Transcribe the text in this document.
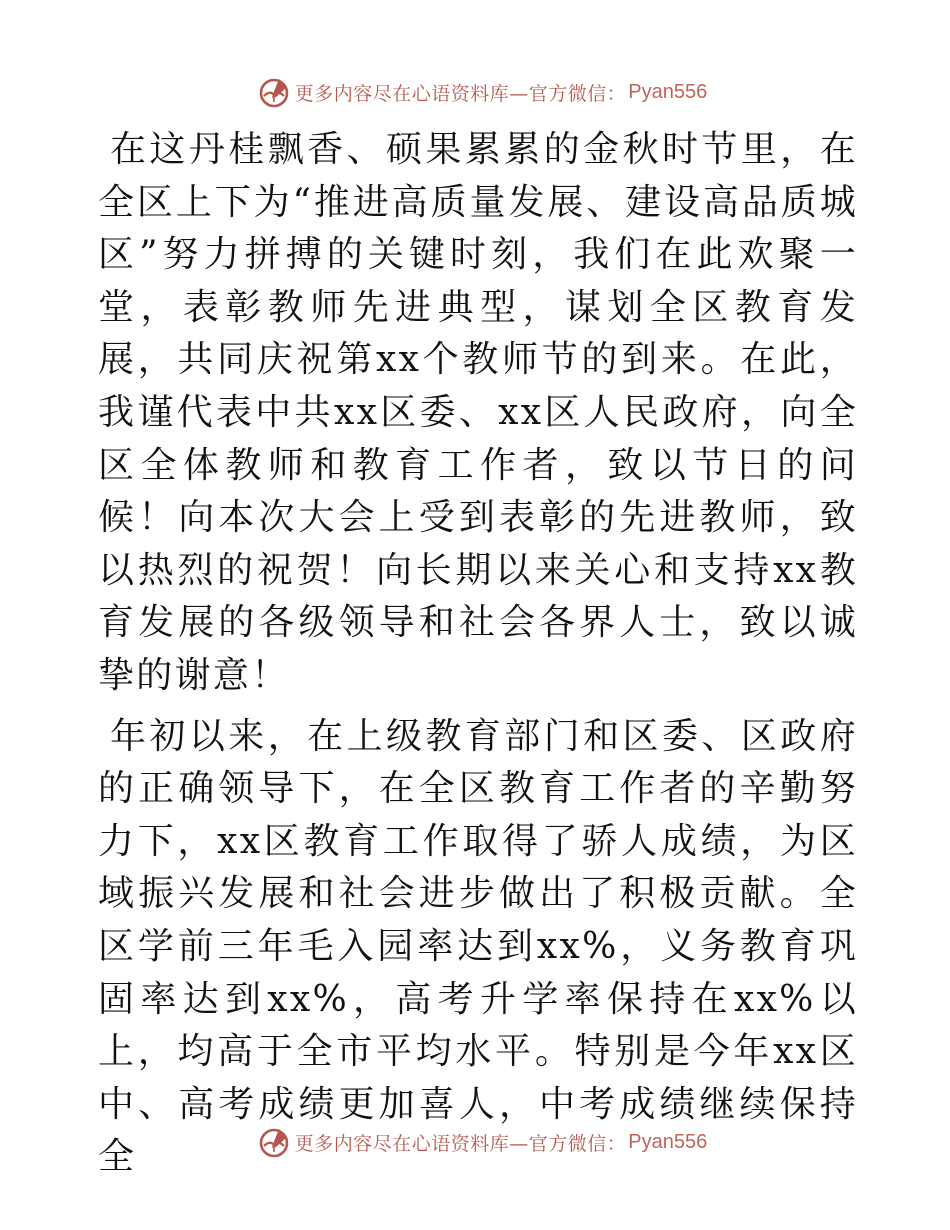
更多内容尽在心语资料库—官方微信： Pyan556

在这丹桂飘香、硕果累累的金秋时节里，在全区上下为“推进高质量发展、建设高品质城区”努力拼搏的关键时刻，我们在此欢聚一堂，表彰教师先进典型，谋划全区教育发展，共同庆祝第xx个教师节的到来。在此，我谨代表中共xx区委、xx区人民政府，向全区全体教师和教育工作者，致以节日的问候！向本次大会上受到表彰的先进教师，致以热烈的祝贺！向长期以来关心和支持xx教育发展的各级领导和社会各界人士，致以诚挚的谢意！

年初以来，在上级教育部门和区委、区政府的正确领导下，在全区教育工作者的辛勤努力下，xx区教育工作取得了骄人成绩，为区域振兴发展和社会进步做出了积极贡献。全区学前三年毛入园率达到xx%，义务教育巩固率达到xx%，高考升学率保持在xx%以上，均高于全市平均水平。特别是今年xx区中、高考成绩更加喜人，中考成绩继续保持全	更多内容尽在心语资料库—官方微信： Pyan556
